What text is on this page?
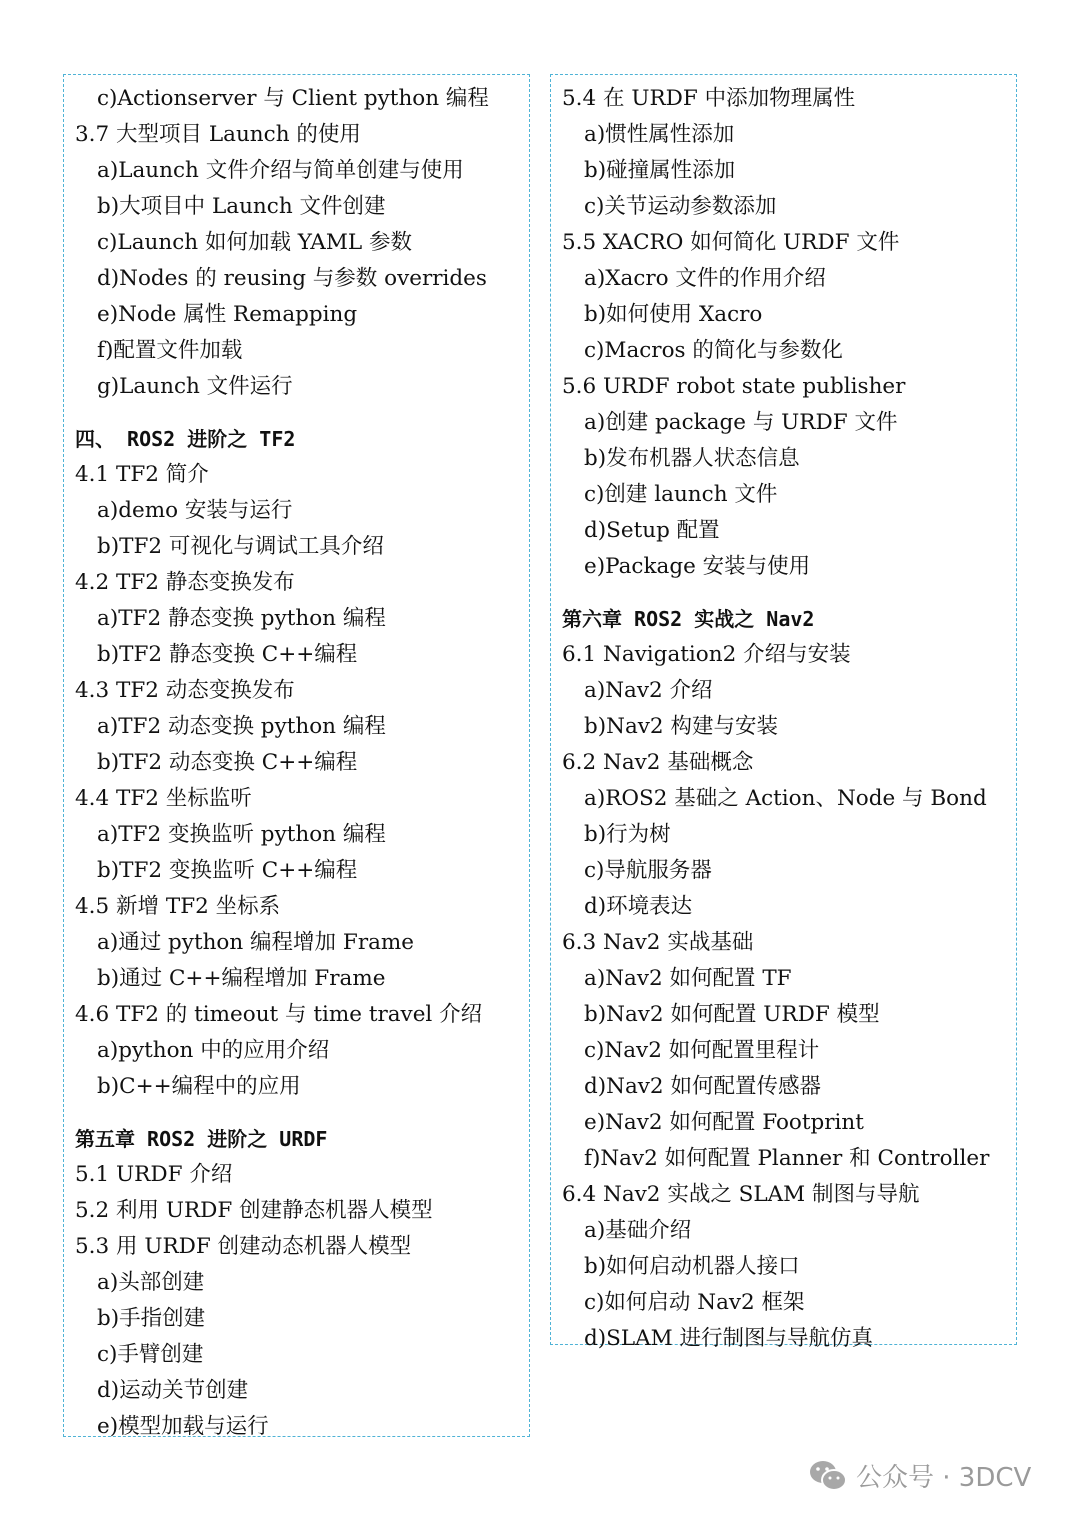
c)Actionserver 与 Client python 编程
3.7 大型项目 Launch 的使用
a)Launch 文件介绍与简单创建与使用
b)大项目中 Launch 文件创建
c)Launch 如何加载 YAML 参数
d)Nodes 的 reusing 与参数 overrides
e)Node 属性 Remapping
f)配置文件加载
g)Launch 文件运行
四、 ROS2 进阶之 TF2
4.1 TF2 简介
a)demo 安装与运行
b)TF2 可视化与调试工具介绍
4.2 TF2 静态变换发布
a)TF2 静态变换 python 编程
b)TF2 静态变换 C++编程
4.3 TF2 动态变换发布
a)TF2 动态变换 python 编程
b)TF2 动态变换 C++编程
4.4 TF2 坐标监听
a)TF2 变换监听 python 编程
b)TF2 变换监听 C++编程
4.5 新增 TF2 坐标系
a)通过 python 编程增加 Frame
b)通过 C++编程增加 Frame
4.6 TF2 的 timeout 与 time travel 介绍
a)python 中的应用介绍
b)C++编程中的应用
第五章 ROS2 进阶之 URDF
5.1 URDF 介绍
5.2 利用 URDF 创建静态机器人模型
5.3 用 URDF 创建动态机器人模型
a)头部创建
b)手指创建
c)手臂创建
d)运动关节创建
e)模型加载与运行
5.4 在 URDF 中添加物理属性
a)惯性属性添加
b)碰撞属性添加
c)关节运动参数添加
5.5 XACRO 如何简化 URDF 文件
a)Xacro 文件的作用介绍
b)如何使用 Xacro
c)Macros 的简化与参数化
5.6 URDF robot state publisher
a)创建 package 与 URDF 文件
b)发布机器人状态信息
c)创建 launch 文件
d)Setup 配置
e)Package 安装与使用
第六章 ROS2 实战之 Nav2
6.1 Navigation2 介绍与安装
a)Nav2 介绍
b)Nav2 构建与安装
6.2 Nav2 基础概念
a)ROS2 基础之 Action、Node 与 Bond
b)行为树
c)导航服务器
d)环境表达
6.3 Nav2 实战基础
a)Nav2 如何配置 TF
b)Nav2 如何配置 URDF 模型
c)Nav2 如何配置里程计
d)Nav2 如何配置传感器
e)Nav2 如何配置 Footprint
f)Nav2 如何配置 Planner 和 Controller
6.4 Nav2 实战之 SLAM 制图与导航
a)基础介绍
b)如何启动机器人接口
c)如何启动 Nav2 框架
d)SLAM 进行制图与导航仿真
公众号 · 3DCV
